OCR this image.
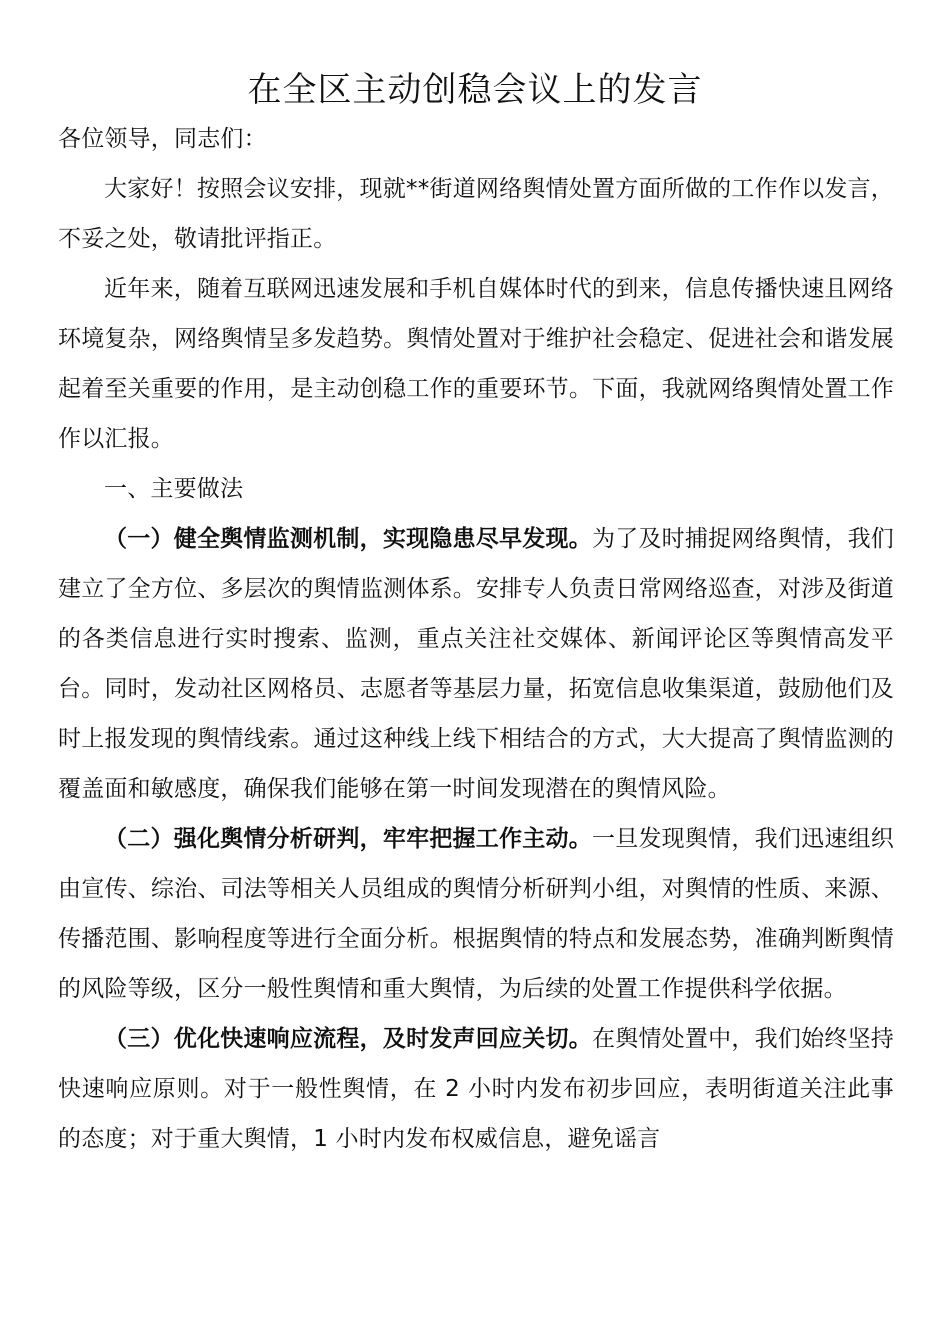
在全区主动创稳会议上的发言

各位领导，同志们：

大家好！按照会议安排，现就**街道网络舆情处置方面所做的工作作以发言，不妥之处，敬请批评指正。

近年来，随着互联网迅速发展和手机自媒体时代的到来，信息传播快速且网络环境复杂，网络舆情呈多发趋势。舆情处置对于维护社会稳定、促进社会和谐发展起着至关重要的作用，是主动创稳工作的重要环节。下面，我就网络舆情处置工作作以汇报。

一、主要做法

（一）健全舆情监测机制，实现隐患尽早发现。为了及时捕捉网络舆情，我们建立了全方位、多层次的舆情监测体系。安排专人负责日常网络巡查，对涉及街道的各类信息进行实时搜索、监测，重点关注社交媒体、新闻评论区等舆情高发平台。同时，发动社区网格员、志愿者等基层力量，拓宽信息收集渠道，鼓励他们及时上报发现的舆情线索。通过这种线上线下相结合的方式，大大提高了舆情监测的覆盖面和敏感度，确保我们能够在第一时间发现潜在的舆情风险。

（二）强化舆情分析研判，牢牢把握工作主动。一旦发现舆情，我们迅速组织由宣传、综治、司法等相关人员组成的舆情分析研判小组，对舆情的性质、来源、传播范围、影响程度等进行全面分析。根据舆情的特点和发展态势，准确判断舆情的风险等级，区分一般性舆情和重大舆情，为后续的处置工作提供科学依据。

（三）优化快速响应流程，及时发声回应关切。在舆情处置中，我们始终坚持快速响应原则。对于一般性舆情，在 2 小时内发布初步回应，表明街道关注此事的态度；对于重大舆情，1 小时内发布权威信息，避免谣言
